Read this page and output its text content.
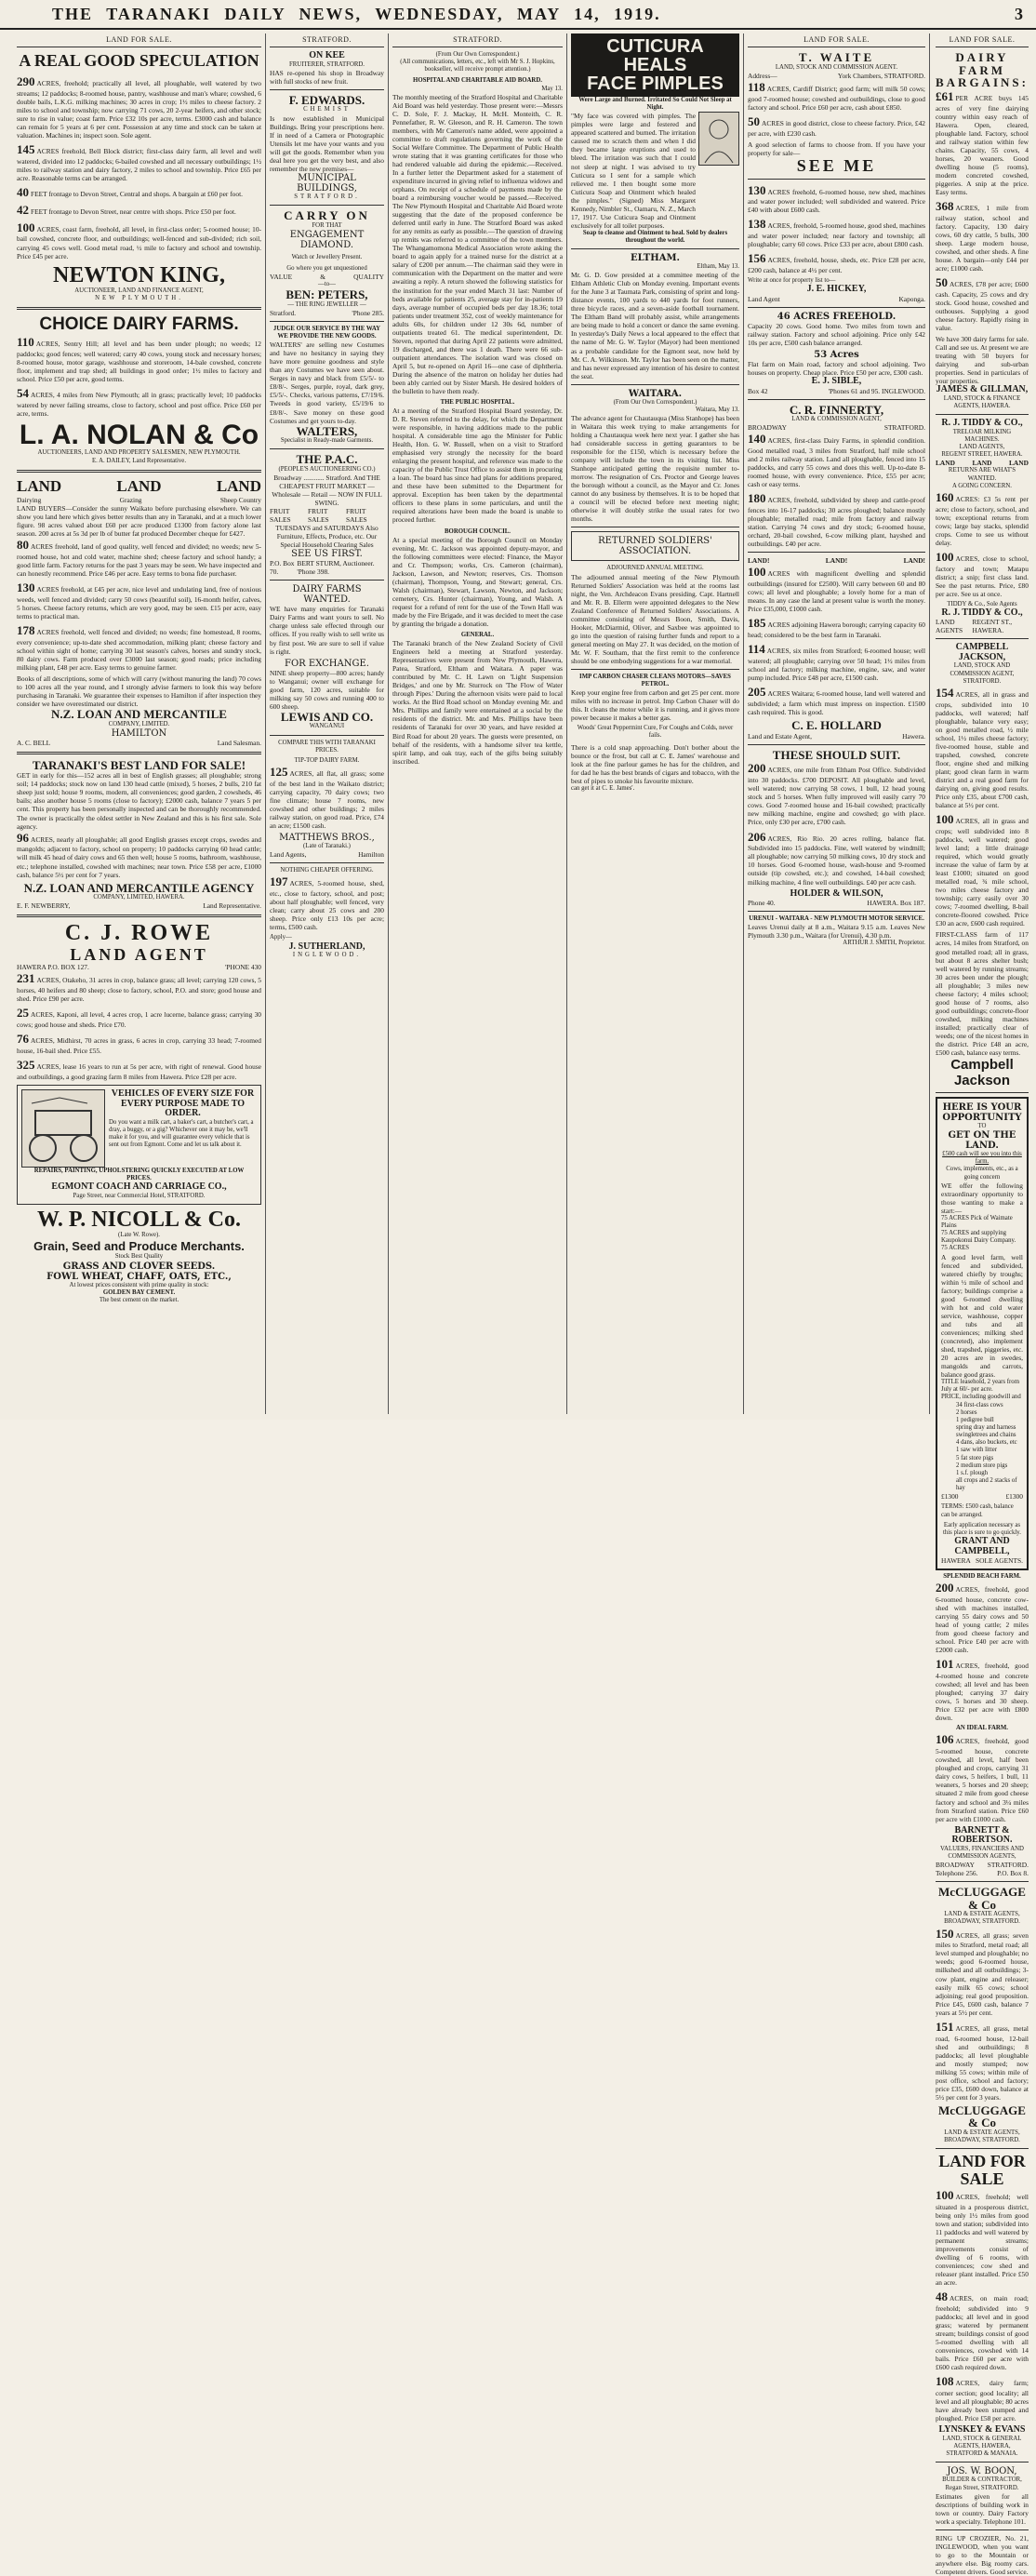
THE TARANAKI DAILY NEWS, WEDNESDAY, MAY 14, 1919.	3
LAND FOR SALE.
A REAL GOOD SPECULATION

290 ACRES, freehold; practically all level, all ploughable, well watered by two streams; 12 paddocks; 8-roomed house, pantry, washhouse and man's whare; cowshed, 6 double bails, L.K.G. milking machines; 30 acres in crop; 1½ miles to cheese factory. 2 miles to school and township; now carrying 71 cows, 20 2-year heifers, and other stock; sure to rise in value; coast farm. Price £32 10s per acre, terms. £3000 cash and balance can remain for 5 years at 6 per cent. Possession at any time and stock can be taken at valuation. Machines in; inspect soon. Sole agent.

145 ACRES freehold, Bell Block district; first-class dairy farm, all level and well watered, divided into 12 paddocks; 6-bailed cowshed and all necessary outbuildings; 1½ miles to railway station and dairy factory, 2 miles to school and township. Price £65 per acre. Reasonable terms can be arranged.

40 FEET frontage to Devon Street, Central and shops. A bargain at £60 per foot.

42 FEET frontage to Devon Street, near centre with shops. Price £50 per foot.

100 ACRES, coast farm, freehold, all level, in first-class order; 5-roomed house; 10-bail cowshed, concrete floor, and outbuildings; well-fenced and sub-divided; rich soil, carrying 45 cows well. Good metal road, ½ mile to factory and school and township. Price £45 per acre.

NEWTON KING,
AUCTIONEER, LAND AND FINANCE AGENT,
NEW PLYMOUTH.
CHOICE DAIRY FARMS.

110 ACRES, Sentry Hill; all level and has been under plough; no weeds; 12 paddocks; good fences; well watered; carry 40 cows, young stock and necessary horses; 8-roomed house, motor garage, washhouse and storeroom, 14-bale cowshed, concrete floor, implement and trap shed; all buildings in good order; 1½ miles to factory and school. Price £50 per acre, good terms.

54 ACRES, 4 miles from New Plymouth; all in grass; practically level; 10 paddocks watered by never failing streams, close to factory, school and post office. Price £60 per acre, terms.

L. A. NOLAN & Co
AUCTIONEERS, LAND AND PROPERTY SALESMEN, NEW PLYMOUTH.
E. A. DAILEY, Land Representative.
LAND	LAND	LAND
Dairying	Grazing	Sheep Country
LAND BUYERS—Consider the sunny Waikato before purchasing elsewhere. We can show you land here which gives better results than any in Taranaki, and at a much lower figure. 98 acres valued about £60 per acre produced £1300 from factory alone last season. 200 acres at 5s 3d per lb of butter fat produced December cheque for £427.

80 ACRES freehold, land of good quality, well fenced and divided; no weeds; new 5-roomed house, hot and cold water, machine shed; cheese factory and school handy; a good little farm. Factory returns for the past 3 years may be seen. We have inspected and can honestly recommend. Price £46 per acre. Easy terms to bona fide purchaser.

130 ACRES freehold, at £45 per acre, nice level and undulating land, free of noxious weeds, well fenced and divided; carry 50 cows (beautiful soil), 16-month heifer, calves, 5 horses. Cheese factory returns, which are very good, may be seen. £15 per acre, easy terms to practical man.

178 ACRES freehold, well fenced and divided; no weeds; fine homestead, 8 rooms, every convenience; up-to-date shed accommodation, milking plant; cheese factory and school within sight of home; carrying 30 last season's calves, horses and sundry stock, 80 dairy cows. Farm produced over £3000 last season; good roads; price including milking plant, £48 per acre. Easy terms to genuine farmer.

Books of all descriptions, some of which will carry (without manuring the land) 70 cows to 100 acres all the year round, and I strongly advise farmers to look this way before purchasing in Taranaki. We guarantee their expenses to Hamilton if after inspection they consider we have overestimated our district.
N.Z. LOAN AND MERCANTILE
COMPANY, LIMITED.
HAMILTON
A. C. BELL	Land Salesman.
TARANAKI'S BEST LAND FOR SALE!
GET in early for this—152 acres all in best of English grasses; all ploughable; strong soil; 14 paddocks; stock now on land 130 head cattle (mixed), 5 horses, 2 bulls, 210 fat sheep just sold; house 9 rooms, modern, all conveniences; good garden, 2 cowsheds, 46 bails; also another house 5 rooms (close to factory); £2000 cash, balance 7 years 5 per cent. This property has been personally inspected and can be thoroughly recommended. The owner is practically the oldest settler in New Zealand and this is his first sale. Sole agency.

96 ACRES, nearly all ploughable; all good English grasses except crops, swedes and mangolds; adjacent to factory, school on property; 10 paddocks carrying 60 head cattle; will milk 45 head of dairy cows and 65 then well; house 5 rooms, bathroom, washhouse, etc.; telephone installed, cowshed with machines; near town. Price £58 per acre, £1000 cash, balance 5½ per cent for 7 years.

N.Z. LOAN AND MERCANTILE AGENCY
COMPANY, LIMITED, HAWERA.
E. F. NEWBERRY,	Land Representative.
C. J. ROWE
LAND AGENT
HAWERA P.O. BOX 127.	'PHONE 430

231 ACRES, Otakeho, 31 acres in crop, balance grass; all level; carrying 120 cows, 5 horses, 40 heifers and 80 sheep; close to factory, school, P.O. and store; good house and shed. Price £90 per acre.

25 ACRES, Kaponi, all level, 4 acres crop, 1 acre lucerne, balance grass; carrying 30 cows; good house and sheds. Price £70.

76 ACRES, Midhirst, 70 acres in grass, 6 acres in crop, carrying 33 head; 7-roomed house, 16-bail shed. Price £55.

325 ACRES, lease 16 years to run at 5s per acre, with right of renewal. Good house and outbuildings, a good grazing farm 8 miles from Hawera. Price £28 per acre.

VEHICLES OF EVERY SIZE FOR EVERY PURPOSE MADE TO ORDER.
Do you want a milk cart, a baker's cart, a butcher's cart, a dray, a buggy, or a gig? Whichever one it may be, we'll make it for you, and will guarantee every vehicle that is sent out from Egmont. Come and let us talk about it.
REPAIRS, PAINTING, UPHOLSTERING QUICKLY EXECUTED AT LOW PRICES.
EGMONT COACH AND CARRIAGE CO.,
Page Street, near Commercial Hotel, STRATFORD.
W. P. NICOLL & Co.
(Late W. Rowe).
Grain, Seed and Produce Merchants.
Stock Best Quality
GRASS AND CLOVER SEEDS.
FOWL WHEAT, CHAFF, OATS, ETC.,
At lowest prices consistent with prime quality in stock:
GOLDEN BAY CEMENT.
The best cement on the market.
STRATFORD.
ON KEE
FRUITERER, STRATFORD.
HAS re-opened his shop in Broadway with full stocks of new fruit.
F. EDWARDS.
CHEMIST
Is now established in Municipal Buildings. Bring your prescriptions here. If in need of a Camera or Photographic Utensils let me have your wants and you will get the goods. Remember when you deal here you get the very best, and also remember the new premises—
MUNICIPAL BUILDINGS,
STRATFORD.
CARRY ON
FOR THAT
ENGAGEMENT DIAMOND.
Watch or Jewellery Present.
Go where you get unquestioned
VALUE	&	QUALITY
—to—
BEN: PETERS,
— THE RING JEWELLER —
Stratford.	'Phone 285.
JUDGE OUR SERVICE BY THE WAY WE PROVIDE THE NEW GOODS.
WALTERS' are selling new Costumes and have no hesitancy in saying they have more genuine goodness and style than any Costumes we have seen about. Serges in navy and black from £5/5/- to £8/8/-. Serges, purple, royal, dark grey, £5/5/-. Checks, various patterns, £7/19/6. Tweeds in good variety, £5/19/6 to £8/8/-. Save money on these good Costumes and get yours to-day.
WALTERS,
Specialist in Ready-made Garments.
THE P.A.C.
(PEOPLE'S AUCTIONEERING CO.)
Broadway ............ Stratford. And THE CHEAPEST FRUIT MARKET — Wholesale — Retail — NOW IN FULL SWING.
FRUIT SALES
FRUIT SALES
FRUIT SALES
TUESDAYS and SATURDAYS Also Furniture, Effects, Produce, etc. Our Special Household Clearing Sales
SEE US FIRST.
P.O. Box 70.
BERT STURM, Auctioneer. 'Phone 398.
DAIRY FARMS WANTED.
WE have many enquiries for Taranaki Dairy Farms and want yours to sell. No charge unless sale effected through our offices. If you really wish to sell write us by first post. We are sure to sell if value is right.
FOR EXCHANGE.
NINE sheep property—800 acres; handy to Wanganui; owner will exchange for good farm, 120 acres, suitable for milking say 50 cows and running 400 to 600 sheep.
LEWIS AND CO.
WANGANUI
COMPARE THIS WITH TARANAKI PRICES.
TIP-TOP DAIRY FARM.

125 ACRES, all flat, all grass; some of the best land in the Waikato district; carrying capacity, 70 dairy cows; two fine climate; house 7 rooms, new cowshed and other buildings; 2 miles railway station, on good road. Price, £74 an acre; £1500 cash.

MATTHEWS BROS.,
(Late of Taranaki.)
Land Agents,	Hamilton
NOTHING CHEAPER OFFERING.

197 ACRES, 5-roomed house, shed, etc., close to factory, school, and post; about half ploughable; well fenced, very clean; carry about 25 cows and 200 sheep. Price only £13 10s per acre; terms, £500 cash.

Apply—
J. SUTHERLAND,
INGLEWOOD.
STRATFORD.
(From Our Own Correspondent.)
(All communications, letters, etc., left with Mr S. J. Hopkins, bookseller, will receive prompt attention.)
HOSPITAL AND CHARITABLE AID BOARD.
May 13.
The monthly meeting of the Stratford Hospital and Charitable Aid Board was held yesterday. Those present were:—Messrs C. D. Sole, F. J. Mackay, H. McH. Monteith, C. R. Pennefather, R. W. Gleeson, and R. H. Cameron. The town members, with Mr Cameron's name added, were appointed a committee to draft regulations governing the work of the Social Welfare Committee. The Department of Public Health wrote stating that it was granting certificates for those who had rendered valuable aid during the epidemic.—Received. In a further letter the Department asked for a statement of expenditure incurred in giving relief to influenza widows and orphans. On receipt of a schedule of payments made by the board a reimbursing voucher would be passed.—Received. The New Plymouth Hospital and Charitable Aid Board wrote suggesting that the date of the proposed conference be deferred until early in June. The Stratford Board was asked for any remits as early as possible.—The question of drawing up remits was referred to a committee of the town members. The Whangamomona Medical Association wrote asking the board to again apply for a trained nurse for the district at a salary of £200 per annum.—The chairman said they were in communication with the Department on the matter and were awaiting a reply. A return showed the following statistics for the institution for the year ended March 31 last: Number of beds available for patients 25, average stay for in-patients 19 days, average number of occupied beds per day 18.36; total patients under treatment 352, cost of weekly maintenance for adults 60s, for children under 12 30s 6d, number of outpatients treated 61. The medical superintendent, Dr. Steven, reported that during April 22 patients were admitted, 19 discharged, and there was 1 death. There were 66 sub-outpatient attendances. The isolation ward was closed on April 5, but re-opened on April 16—one case of diphtheria. During the absence of the matron on holiday her duties had been ably carried out by Sister Marsh. He desired holders of the bulletin to have them ready.
THE PUBLIC HOSPITAL.
At a meeting of the Stratford Hospital Board yesterday, Dr. D. R. Steven referred to the delay, for which the Department were responsible, in having additions made to the public hospital. A considerable time ago the Minister for Public Health, Hon. G. W. Russell, when on a visit to Stratford emphasised very strongly the necessity for the board enlarging the present hospital, and reference was made to the capacity of the Public Trust Office to assist them in procuring a loan. The board has since had plans for additions prepared, and these have been submitted to the Department for approval. Exception has been taken by the departmental officers to these plans in some particulars, and until the required alterations have been made the board is unable to proceed further.
BOROUGH COUNCIL.
At a special meeting of the Borough Council on Monday evening, Mr. C. Jackson was appointed deputy-mayor, and the following committees were elected: Finance, the Mayor and Cr. Thompson; works, Crs. Cameron (chairman), Jackson, Lawson, and Newton; reserves, Crs. Thomson (chairman), Thompson, Young, and Stewart; general, Crs. Walsh (chairman), Stewart, Lawson, Newton, and Jackson; cemetery, Crs. Hunter (chairman), Young, and Walsh. A request for a refund of rent for the use of the Town Hall was made by the Fire Brigade, and it was decided to meet the case by granting the brigade a donation.
GENERAL.
The Taranaki branch of the New Zealand Society of Civil Engineers held a meeting at Stratford yesterday. Representatives were present from New Plymouth, Hawera, Patea, Stratford, Eltham and Waitara. A paper was contributed by Mr. C. H. Lawn on 'Light Suspension Bridges,' and one by Mr. Sturrock on 'The Flow of Water through Pipes.' During the afternoon visits were paid to local works. At the Bird Road school on Monday evening Mr. and Mrs. Phillips and family were entertained at a social by the residents of the district. Mr. and Mrs. Phillips have been residents of Taranaki for over 30 years, and have resided at Bird Road for about 20 years. The guests were presented, on behalf of the residents, with a handsome silver tea kettle, spirit lamp, and oak tray, each of the gifts being suitably inscribed.
CUTICURA HEALS
FACE PIMPLES
Were Large and Burned. Irritated So Could Not Sleep at Night.
"My face was covered with pimples. The pimples were large and festered and appeared scattered and burned. The irritation caused me to scratch them and when I did they became large eruptions and used to bleed. The irritation was such that I could not sleep at night. I was advised to try Cuticura so I sent for a sample which relieved me. I then bought some more Cuticura Soap and Ointment which healed the pimples." (Signed) Miss Margaret Kennedy, Nimbler St., Oamaru, N. Z., March 17, 1917. Use Cuticura Soap and Ointment exclusively for all toilet purposes.
Soap to cleanse and Ointment to heal. Sold by dealers throughout the world.
ELTHAM.
Eltham, May 13.
Mr. G. D. Gow presided at a committee meeting of the Eltham Athletic Club on Monday evening. Important events for the June 3 at Taumata Park, consisting of sprint and long-distance events, 100 yards to 440 yards for foot runners, three bicycle races, and a seven-aside football tournament. The Eltham Band will probably assist, while arrangements are being made to hold a concert or dance the same evening. In yesterday's Daily News a local appeared to the effect that the name of Mr. G. W. Taylor (Mayor) had been mentioned as a probable candidate for the Egmont seat, now held by Mr. C. A. Wilkinson. Mr. Taylor has been seen on the matter, and has never expressed any intention of his desire to contest the seat.
WAITARA.
(From Our Own Correspondent.)
Waitara, May 13.
The advance agent for Chautauqua (Miss Stanhope) has been in Waitara this week trying to make arrangements for holding a Chautauqua week here next year. I gather she has had considerable success in getting guarantors to be responsible for the £150, which is necessary before the company will include the town in its visiting list. Miss Stanhope anticipated getting the requisite number to-morrow. The resignation of Crs. Proctor and George leaves the borough without a council, as the Mayor and Cr. Jones cannot do any business by themselves. It is to be hoped that a council will be elected before next meeting night; otherwise it will doubly strike the usual rates for two months.
RETURNED SOLDIERS' ASSOCIATION.
ADJOURNED ANNUAL MEETING.
The adjourned annual meeting of the New Plymouth Returned Soldiers' Association was held at the rooms last night, the Ven. Archdeacon Evans presiding. Capt. Hartnell and Mr. R. B. Ellerm were appointed delegates to the New Zealand Conference of Returned Soldiers' Associations. A committee consisting of Messrs Boon, Smith, Davis, Hooker, McDiarmid, Oliver, and Saxbee was appointed to go into the question of raising further funds and report to a general meeting on May 27. It was decided, on the motion of Mr. W. F. Southam, that the first remit to the conference should be one embodying suggestions for a war memorial.
IMP CARBON CHASER CLEANS MOTORS—SAVES PETROL.
Keep your engine free from carbon and get 25 per cent. more miles with no increase in petrol. Imp Carbon Chaser will do this. It cleans the motor while it is running, and it gives more power because it makes a better gas.
Woods' Great Peppermint Cure, For Coughs and Colds, never fails.
There is a cold snap approaching. Don't bother about the bounce or the frost, but call at C. E. James' warehouse and look at the fine parlour games he has for the children, and for dad he has the best brands of cigars and tobacco, with the best of pipes to smoke his favourite mixture.
can get it at C. E. James'.
LAND FOR SALE.
T. WAITE
LAND, STOCK AND COMMISSION AGENT.
Address—	York Chambers, STRATFORD.

118 ACRES, Cardiff District; good farm; will milk 50 cows; good 7-roomed house; cowshed and outbuildings, close to good factory and school. Price £60 per acre, cash about £850.

50 ACRES in good district, close to cheese factory. Price, £42 per acre, with £230 cash.

A good selection of farms to choose from. If you have your property for sale—
SEE ME

130 ACRES freehold, 6-roomed house, new shed, machines and water power included; well subdivided and watered. Price £40 with about £600 cash.

138 ACRES, freehold, 5-roomed house, good shed, machines and water power included; near factory and township; all ploughable; carry 60 cows. Price £33 per acre, about £800 cash.

156 ACRES, freehold, house, sheds, etc. Price £28 per acre, £200 cash, balance at 4½ per cent.

Write at once for property list to—
J. E. HICKEY,
Land Agent	Kaponga.
46 ACRES FREEHOLD.
Capacity 20 cows. Good home. Two miles from town and railway station. Factory and school adjoining. Price only £42 10s per acre, £500 cash balance arranged.
53 Acres
Flat farm on Main road, factory and school adjoining. Two houses on property. Cheap place. Price £50 per acre, £300 cash.
E. J. SIBLE,
Box 42	'Phones 61 and 95. INGLEWOOD.
C. R. FINNERTY,
LAND & COMMISSION AGENT,
BROADWAY	STRATFORD.

140 ACRES, first-class Dairy Farms, in splendid condition. Good metalled road, 3 miles from Stratford, half mile school and 2 miles railway station. Land all ploughable, fenced into 15 paddocks, and carry 55 cows and does this well. Up-to-date 8-roomed house, with every convenience. Price, £55 per acre; cash or easy terms.

180 ACRES, freehold, subdivided by sheep and cattle-proof fences into 16-17 paddocks; 30 acres ploughed; balance mostly ploughable; metalled road; mile from factory and railway station. Carrying 74 cows and dry stock; 6-roomed house, orchard, 20-bail cowshed, 6-cow milking plant, hayshed and outbuildings. £40 per acre.

LAND!	LAND!	LAND!

100 ACRES with magnificent dwelling and splendid outbuildings (insured for £2500). Will carry between 60 and 80 cows; all level and ploughable; a lovely home for a man of means. In any case the land at present value is worth the money. Price £35,000, £1000 cash.

185 ACRES adjoining Hawera borough; carrying capacity 60 head; considered to be the best farm in Taranaki.

114 ACRES, six miles from Stratford; 6-roomed house; well watered; all ploughable; carrying over 50 head; 1½ miles from school and factory; milking machine, engine, saw, and water pump included. Price £48 per acre, £1500 cash.

205 ACRES Waitara; 6-roomed house, land well watered and subdivided; a farm which must impress on inspection. £1500 cash required. This is good.

C. E. HOLLARD
Land and Estate Agent,	Hawera.
THESE SHOULD SUIT.

200 ACRES, one mile from Eltham Post Office. Subdivided into 30 paddocks. £700 DEPOSIT. All ploughable and level, well watered; now carrying 58 cows, 1 bull, 12 head young stock and 5 horses. When fully improved will easily carry 70 cows. Good 7-roomed house and 16-bail cowshed; practically new milking machine, engine and cowshed; go with place. Price, only £30 per acre, £700 cash.

206 ACRES, Rio Rio. 20 acres rolling, balance flat. Subdivided into 15 paddocks. Fine, well watered by windmill; all ploughable; now carrying 50 milking cows, 10 dry stock and 10 horses. Good 6-roomed house, wash-house and 9-roomed outside (tip cowshed, etc.); and cowshed, 14-bail cowshed; milking machine, 4 fine well outbuildings. £40 per acre cash.

HOLDER & WILSON,
Phone 40.	HAWERA. Box 187.
URENUI - WAITARA - NEW PLYMOUTH MOTOR SERVICE.
Leaves Urenui daily at 8 a.m., Waitara 9.15 a.m. Leaves New Plymouth 3.30 p.m., Waitara (for Urenui), 4.30 p.m.
ARTHUR J. SMITH, Proprietor.
LAND FOR SALE.
DAIRY FARM BARGAINS:

£61 PER ACRE buys 145 acres of very fine dairying country within easy reach of Hawera. Open, cleared, ploughable land. Factory, school and railway station within few chains. Capacity, 55 cows, 4 horses, 20 weaners. Good dwelling house (5 rooms), modern concreted cowshed, piggeries. A snip at the price. Easy terms.

368 ACRES, 1 mile from railway station, school and factory. Capacity, 130 dairy cows, 60 dry cattle, 5 bulls, 300 sheep. Large modern house, cowshed, and other sheds. A fine house. A bargain—only £44 per acre; £1000 cash.

50 ACRES, £78 per acre; £600 cash. Capacity, 25 cows and dry stock. Good house, cowshed and outhouses. Supplying a good cheese factory. Rapidly rising in value.

We have 300 dairy farms for sale. Call and see us. At present we are treating with 50 buyers for dairying and sub-urban properties. Send in particulars of your properties.
JAMES & GILLMAN,
LAND, STOCK & FINANCE AGENTS, HAWERA.
R. J. TIDDY & CO.,
TRELOAR MILKING MACHINES.
LAND AGENTS,
REGENT STREET, HAWERA.
LAND	LAND	LAND
RETURNS ARE WHAT'S WANTED.
A GOING CONCERN.

160 ACRES: £3 5s rent per acre; close to factory, school, and town; exceptional returns from cows; large bay stacks, splendid crops. Come to see us without delay.

100 ACRES, close to school, factory and town; Matapu district; a snip; first class land. See the past returns. Price, £80 per acre. See us at once.

TIDDY & Co., Sole Agents
R. J. TIDDY & CO.,
LAND AGENTS
REGENT ST., HAWERA.
CAMPBELL JACKSON,
LAND, STOCK AND COMMISSION AGENT, STRATFORD.

154 ACRES, all in grass and crops, subdivided into 10 paddocks, well watered; half ploughable, balance very easy; on good metalled road, ½ mile school, 1½ miles cheese factory; five-roomed house, stable and trapshed, cowshed, concrete floor, engine shed and milking plant; good clean farm in warm district and a real good farm for dairying on, giving good results. Price only £35, about £700 cash, balance at 5½ per cent.

100 ACRES, all in grass and crops; well subdivided into 8 paddocks, well watered; good level land; a little drainage required, which would greatly increase the value of farm by at least £1000; situated on good metalled road, ¾ mile school, two miles cheese factory and township; carry easily over 30 cows; 7-roomed dwelling, 8-bail concrete-floored cowshed. Price £30 an acre, £600 cash required.

FIRST-CLASS farm of 117 acres, 14 miles from Stratford, on good metalled road; all in grass, but about 8 acres shelter bush; well watered by running streams; 30 acres been under the plough; all ploughable; 3 miles new cheese factory; 4 miles school; good house of 7 rooms, also good outbuildings; concrete-floor cowshed, milking machines installed; practically clear of weeds; one of the nicest homes in the district. Price £48 an acre, £500 cash, balance easy terms.
Campbell Jackson
HERE IS YOUR OPPORTUNITY
TO
GET ON THE LAND.
£500 cash will see you into this farm.
Cows, implements, etc., as a going concern
WE offer the following extraordinary opportunity to those wanting to make a start:—
75 ACRES Pick of Waimate Plains
75 ACRES and supplying Kaupokonui Dairy Company.
75 ACRES
A good level farm, well fenced and subdivided, watered chiefly by troughs; within ½ mile of school and factory; buildings comprise a good 6-roomed dwelling with hot and cold water service, washhouse, copper and tubs and all conveniences; milking shed (concreted), also implement shed, trapshed, piggeries, etc. 20 acres are in swedes, mangolds and carrots, balance good grass.
TITLE leasehold, 2 years from July at 60/- per acre.
PRICE, including goodwill and
34 first-class cows
2 horses
1 pedigree bull
spring dray and harness
swingletrees and chains
4 dans, also buckets, etc
1 saw with litter
5 fat store pigs
2 medium store pigs
1 s.f. plough
all crops and 2 stacks of hay
£1300	£1300
TERMS: £500 cash, balance can be arranged.
Early application necessary as this place is sure to go quickly.
GRANT AND CAMPBELL,
HAWERA SOLE AGENTS.
SPLENDID BEACH FARM.

200 ACRES, freehold, good 6-roomed house, concrete cow-shed with machines installed, carrying 55 dairy cows and 50 head of young cattle; 2 miles from good cheese factory and school. Price £40 per acre with £2000 cash.

101 ACRES, freehold, good 4-roomed house and concrete cowshed; all level and has been ploughed; carrying 37 dairy cows, 5 horses and 30 sheep. Price £32 per acre with £800 down.

AN IDEAL FARM.

106 ACRES, freehold, good 5-roomed house, concrete cowshed, all level, half been ploughed and crops, carrying 31 dairy cows, 5 heifers, 1 bull, 11 weaners, 5 horses and 20 sheep; situated 2 mile from good cheese factory and school and 3¼ miles from Stratford station. Price £60 per acre with £1000 cash.

BARNETT & ROBERTSON.
VALUERS, FINANCIERS AND COMMISSION AGENTS,
BROADWAY STRATFORD.
Telephone 256.	P.O. Box 8.
McCLUGGAGE & Co
LAND & ESTATE AGENTS, BROADWAY, STRATFORD.

150 ACRES, all grass; seven miles to Stratford, metal road; all level stumped and ploughable; no weeds; good 6-roomed house, milkshed and all outbuildings; 3-cow plant, engine and releaser; easily milk 65 cows; school adjoining; real good proposition. Price £45, £600 cash, balance 7 years at 5½ per cent.

151 ACRES, all grass, metal road, 6-roomed house, 12-bail shed and outbuildings; 8 paddocks; all level ploughable and mostly stumped; now milking 55 cows; within mile of post office, school and factory; price £35, £600 down, balance at 5½ per cent for 3 years.

McCLUGGAGE & Co
LAND & ESTATE AGENTS, BROADWAY, STRATFORD.
LAND FOR SALE

100 ACRES, freehold; well situated in a prosperous district, being only 1½ miles from good town and station; subdivided into 11 paddocks and well watered by permanent streams; improvements consist of dwelling of 6 rooms, with conveniences; cow shed and releaser plant installed. Price £50 an acre.

48 ACRES, on main road; freehold; subdivided into 9 paddocks; all level and in good grass; watered by permanent stream; buildings consist of good 5-roomed dwelling with all conveniences, cowshed with 14 bails. Price £60 per acre with £600 cash required down.

108 ACRES, dairy farm; corner section; good locality; all level and all ploughable; 80 acres have already been stumped and ploughed. Price £58 per acre.

LYNSKEY & EVANS
LAND, STOCK & GENERAL AGENTS, HAWERA, STRATFORD & MANAIA.
JOS. W. BOON,
BUILDER & CONTRACTOR,
Regan Street, STRATFORD.
Estimates given for all descriptions of building work in town or country. Dairy Factory work a specialty. Telephone 101.
RING UP CROZIER, No. 21, INGLEWOOD, when you want to go to the Mountain or anywhere else. Big roomy cars. Competent drivers. Good service.
